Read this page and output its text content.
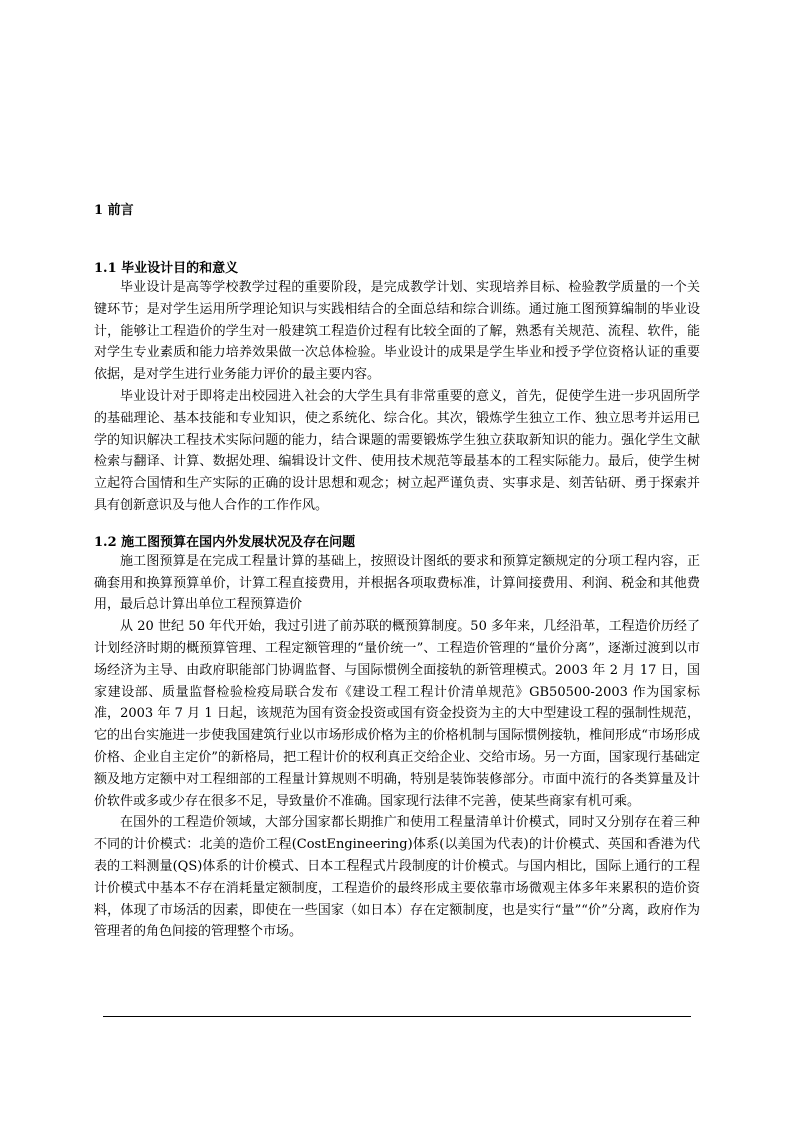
1 前言

1.1 毕业设计目的和意义

毕业设计是高等学校教学过程的重要阶段，是完成教学计划、实现培养目标、检验教学质量的一个关键环节；是对学生运用所学理论知识与实践相结合的全面总结和综合训练。通过施工图预算编制的毕业设计，能够让工程造价的学生对一般建筑工程造价过程有比较全面的了解，熟悉有关规范、流程、软件，能对学生专业素质和能力培养效果做一次总体检验。毕业设计的成果是学生毕业和授予学位资格认证的重要依据，是对学生进行业务能力评价的最主要内容。

毕业设计对于即将走出校园进入社会的大学生具有非常重要的意义，首先，促使学生进一步巩固所学的基础理论、基本技能和专业知识，使之系统化、综合化。其次，锻炼学生独立工作、独立思考并运用已学的知识解决工程技术实际问题的能力，结合课题的需要锻炼学生独立获取新知识的能力。强化学生文献检索与翻译、计算、数据处理、编辑设计文件、使用技术规范等最基本的工程实际能力。最后，使学生树立起符合国情和生产实际的正确的设计思想和观念；树立起严谨负责、实事求是、刻苦钻研、勇于探索并具有创新意识及与他人合作的工作作风。

1.2 施工图预算在国内外发展状况及存在问题

施工图预算是在完成工程量计算的基础上，按照设计图纸的要求和预算定额规定的分项工程内容，正确套用和换算预算单价，计算工程直接费用，并根据各项取费标准，计算间接费用、利润、税金和其他费用，最后总计算出单位工程预算造价

从 20 世纪 50 年代开始，我过引进了前苏联的概预算制度。50 多年来，几经沿革，工程造价历经了计划经济时期的概预算管理、工程定额管理的“量价统一”、工程造价管理的“量价分离”，逐渐过渡到以市场经济为主导、由政府职能部门协调监督、与国际惯例全面接轨的新管理模式。2003 年 2 月 17 日，国家建设部、质量监督检验检疫局联合发布《建设工程工程计价清单规范》GB50500-2003 作为国家标准，2003 年 7 月 1 日起，该规范为国有资金投资或国有资金投资为主的大中型建设工程的强制性规范，它的出台实施进一步使我国建筑行业以市场形成价格为主的价格机制与国际惯例接轨，椎间形成“市场形成价格、企业自主定价”的新格局，把工程计价的权利真正交给企业、交给市场。另一方面，国家现行基础定额及地方定额中对工程细部的工程量计算规则不明确，特别是装饰装修部分。市面中流行的各类算量及计价软件或多或少存在很多不足，导致量价不准确。国家现行法律不完善，使某些商家有机可乘。

在国外的工程造价领域，大部分国家都长期推广和使用工程量清单计价模式，同时又分别存在着三种不同的计价模式：北美的造价工程(CostEngineering)体系(以美国为代表)的计价模式、英国和香港为代表的工料测量(QS)体系的计价模式、日本工程程式片段制度的计价模式。与国内相比，国际上通行的工程计价模式中基本不存在消耗量定额制度，工程造价的最终形成主要依靠市场微观主体多年来累积的造价资料，体现了市场活的因素，即使在一些国家（如日本）存在定额制度，也是实行“量”“价”分离，政府作为管理者的角色间接的管理整个市场。
